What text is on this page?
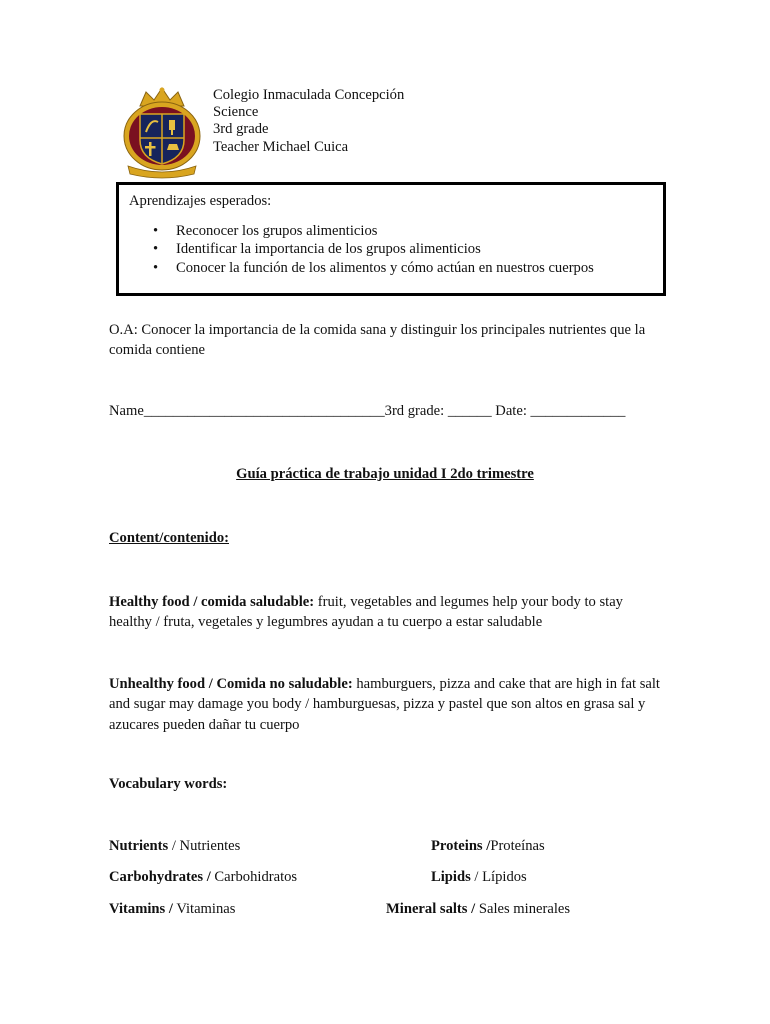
Colegio Inmaculada Concepción
Science
3rd grade
Teacher Michael Cuica
Aprendizajes esperados:
• Reconocer los grupos alimenticios
• Identificar la importancia de los grupos alimenticios
• Conocer la función de los alimentos y cómo actúan en nuestros cuerpos
O.A: Conocer la importancia de la comida sana y distinguir los principales nutrientes que la comida contiene
Name_________________________________3rd grade: ______ Date: _____________
Guía práctica de trabajo unidad I 2do trimestre
Content/contenido:
Healthy food / comida saludable: fruit, vegetables and legumes help your body to stay healthy / fruta, vegetales y legumbres ayudan a tu cuerpo a estar saludable
Unhealthy food / Comida no saludable: hamburguers, pizza and cake that are high in fat salt and sugar may damage you body / hamburguesas, pizza y pastel que son altos en grasa sal y azucares pueden dañar tu cuerpo
Vocabulary words:
Nutrients / Nutrientes	Proteins /Proteínas
Carbohydrates / Carbohidratos	Lipids / Lípidos
Vitamins / Vitaminas	Mineral salts / Sales minerales
